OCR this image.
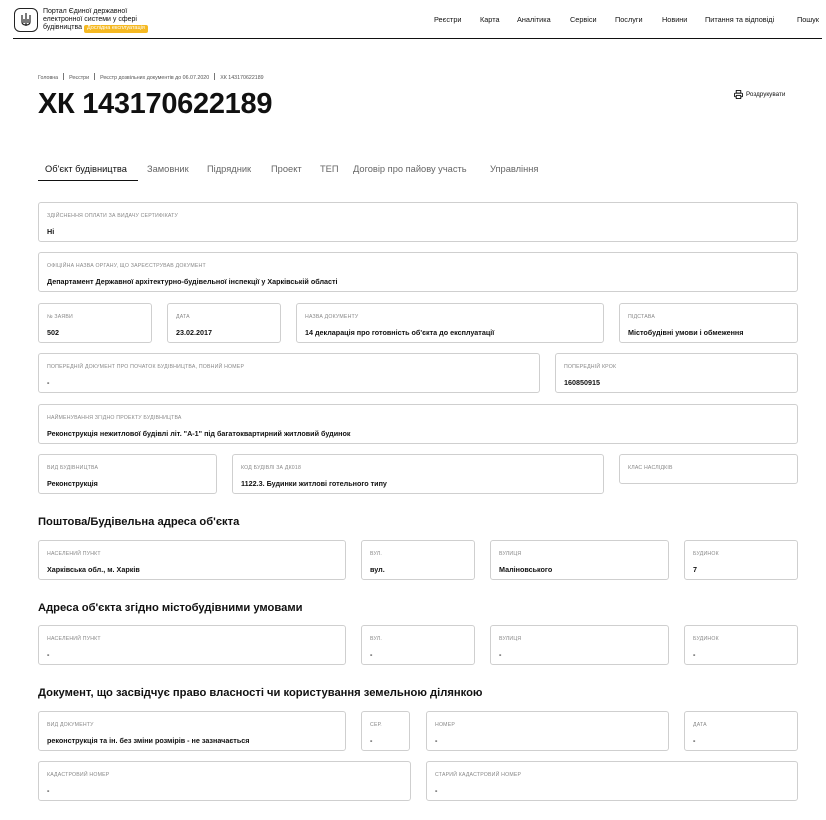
Портал Єдиної державної
електронної системи у сфері
будівництва Дослідна експлуатація
Реєстри	Карта Аналітика	Сервіси	Послуги	Новини Питання та відповіді	Пошук
Головна Реєстри Реєстр дозвільних документів до 06.07.2020 ХК 143170622189
ХК 143170622189	Роздрукувати
Об'єкт будівництва Замовник Підрядник Проект ТЕП Договір про пайову участь	Управління
ЗДІЙСНЕННЯ ОПЛАТИ ЗА ВИДАЧУ СЕРТИФІКАТУ
Ні
ОФІЦІЙНА НАЗВА ОРГАНУ, ЩО ЗАРЕЄСТРУВАВ ДОКУМЕНТ
Департамент Державної архітектурно-будівельної інспекції у Харківській області
№ ЗАЯВИ
502
ДАТА
23.02.2017
НАЗВА ДОКУМЕНТУ
14 декларація про готовність об'єкта до експлуатації
ПІДСТАВА
Містобудівні умови і обмеження
ПОПЕРЕДНІЙ ДОКУМЕНТ ПРО ПОЧАТОК БУДІВНИЦТВА, ПОВНИЙ НОМЕР
-
ПОПЕРЕДНІЙ КРОК
160850915
НАЙМЕНУВАННЯ ЗГІДНО ПРОЕКТУ БУДІВНИЦТВА
Реконструкція нежитлової будівлі літ. "А-1" під багатоквартирний житловий будинок
ВИД БУДІВНИЦТВА
Реконструкція
КОД БУДІВЛІ ЗА ДК018
1122.3. Будинки житлові готельного типу
КЛАС НАСЛІДКІВ
Поштова/Будівельна адреса об'єкта
НАСЕЛЕНИЙ ПУНКТ
Харківська обл., м. Харків
ВУЛ.
вул.
ВУЛИЦЯ
Маліновського
БУДИНОК
7
Адреса об'єкта згідно містобудівними умовами
НАСЕЛЕНИЙ ПУНКТ
-
ВУЛ.
-
ВУЛИЦЯ
-
БУДИНОК
-
Документ, що засвідчує право власності чи користування земельною ділянкою
ВИД ДОКУМЕНТУ
реконструкція та ін. без зміни розмірів - не зазначається
СЕР.
-
НОМЕР
-
ДАТА
-
КАДАСТРОВИЙ НОМЕР
-
СТАРИЙ КАДАСТРОВИЙ НОМЕР
-
